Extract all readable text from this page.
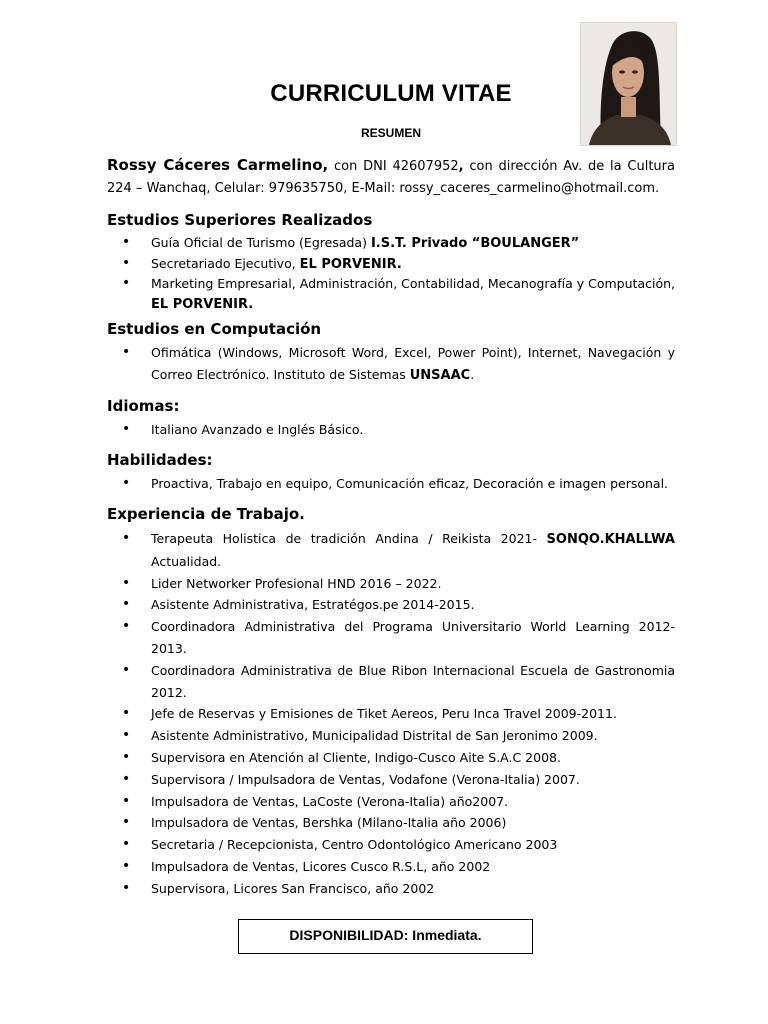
CURRICULUM VITAE
RESUMEN
Rossy Cáceres Carmelino, con DNI 42607952, con dirección Av. de la Cultura 224 – Wanchaq, Celular: 979635750, E-Mail: rossy_caceres_carmelino@hotmail.com.
Estudios Superiores Realizados
• Guía Oficial de Turismo (Egresada) I.S.T. Privado “BOULANGER”
• Secretariado Ejecutivo, EL PORVENIR.
• Marketing Empresarial, Administración, Contabilidad, Mecanografía y Computación, EL PORVENIR.
Estudios en Computación
• Ofimática (Windows, Microsoft Word, Excel, Power Point), Internet, Navegación y Correo Electrónico. Instituto de Sistemas UNSAAC.
Idiomas:
• Italiano Avanzado e Inglés Básico.
Habilidades:
• Proactiva, Trabajo en equipo, Comunicación eficaz, Decoración e imagen personal.
Experiencia de Trabajo.
• Terapeuta Holistica de tradición Andina / Reikista 2021- SONQO.KHALLWA Actualidad.
• Lider Networker Profesional HND 2016 – 2022.
• Asistente Administrativa, Estratégos.pe 2014-2015.
• Coordinadora Administrativa del Programa Universitario World Learning 2012-2013.
• Coordinadora Administrativa de Blue Ribon Internacional Escuela de Gastronomia 2012.
• Jefe de Reservas y Emisiones de Tiket Aereos, Peru Inca Travel 2009-2011.
• Asistente Administrativo, Municipalidad Distrital de San Jeronimo 2009.
• Supervisora en Atención al Cliente, Indigo-Cusco Aite S.A.C 2008.
• Supervisora / Impulsadora de Ventas, Vodafone (Verona-Italia) 2007.
• Impulsadora de Ventas, LaCoste (Verona-Italia) año2007.
• Impulsadora de Ventas, Bershka (Milano-Italia año 2006)
• Secretaria / Recepcionista, Centro Odontológico Americano 2003
• Impulsadora de Ventas, Licores Cusco R.S.L, año 2002
• Supervisora, Licores San Francisco, año 2002
DISPONIBILIDAD: Inmediata.
